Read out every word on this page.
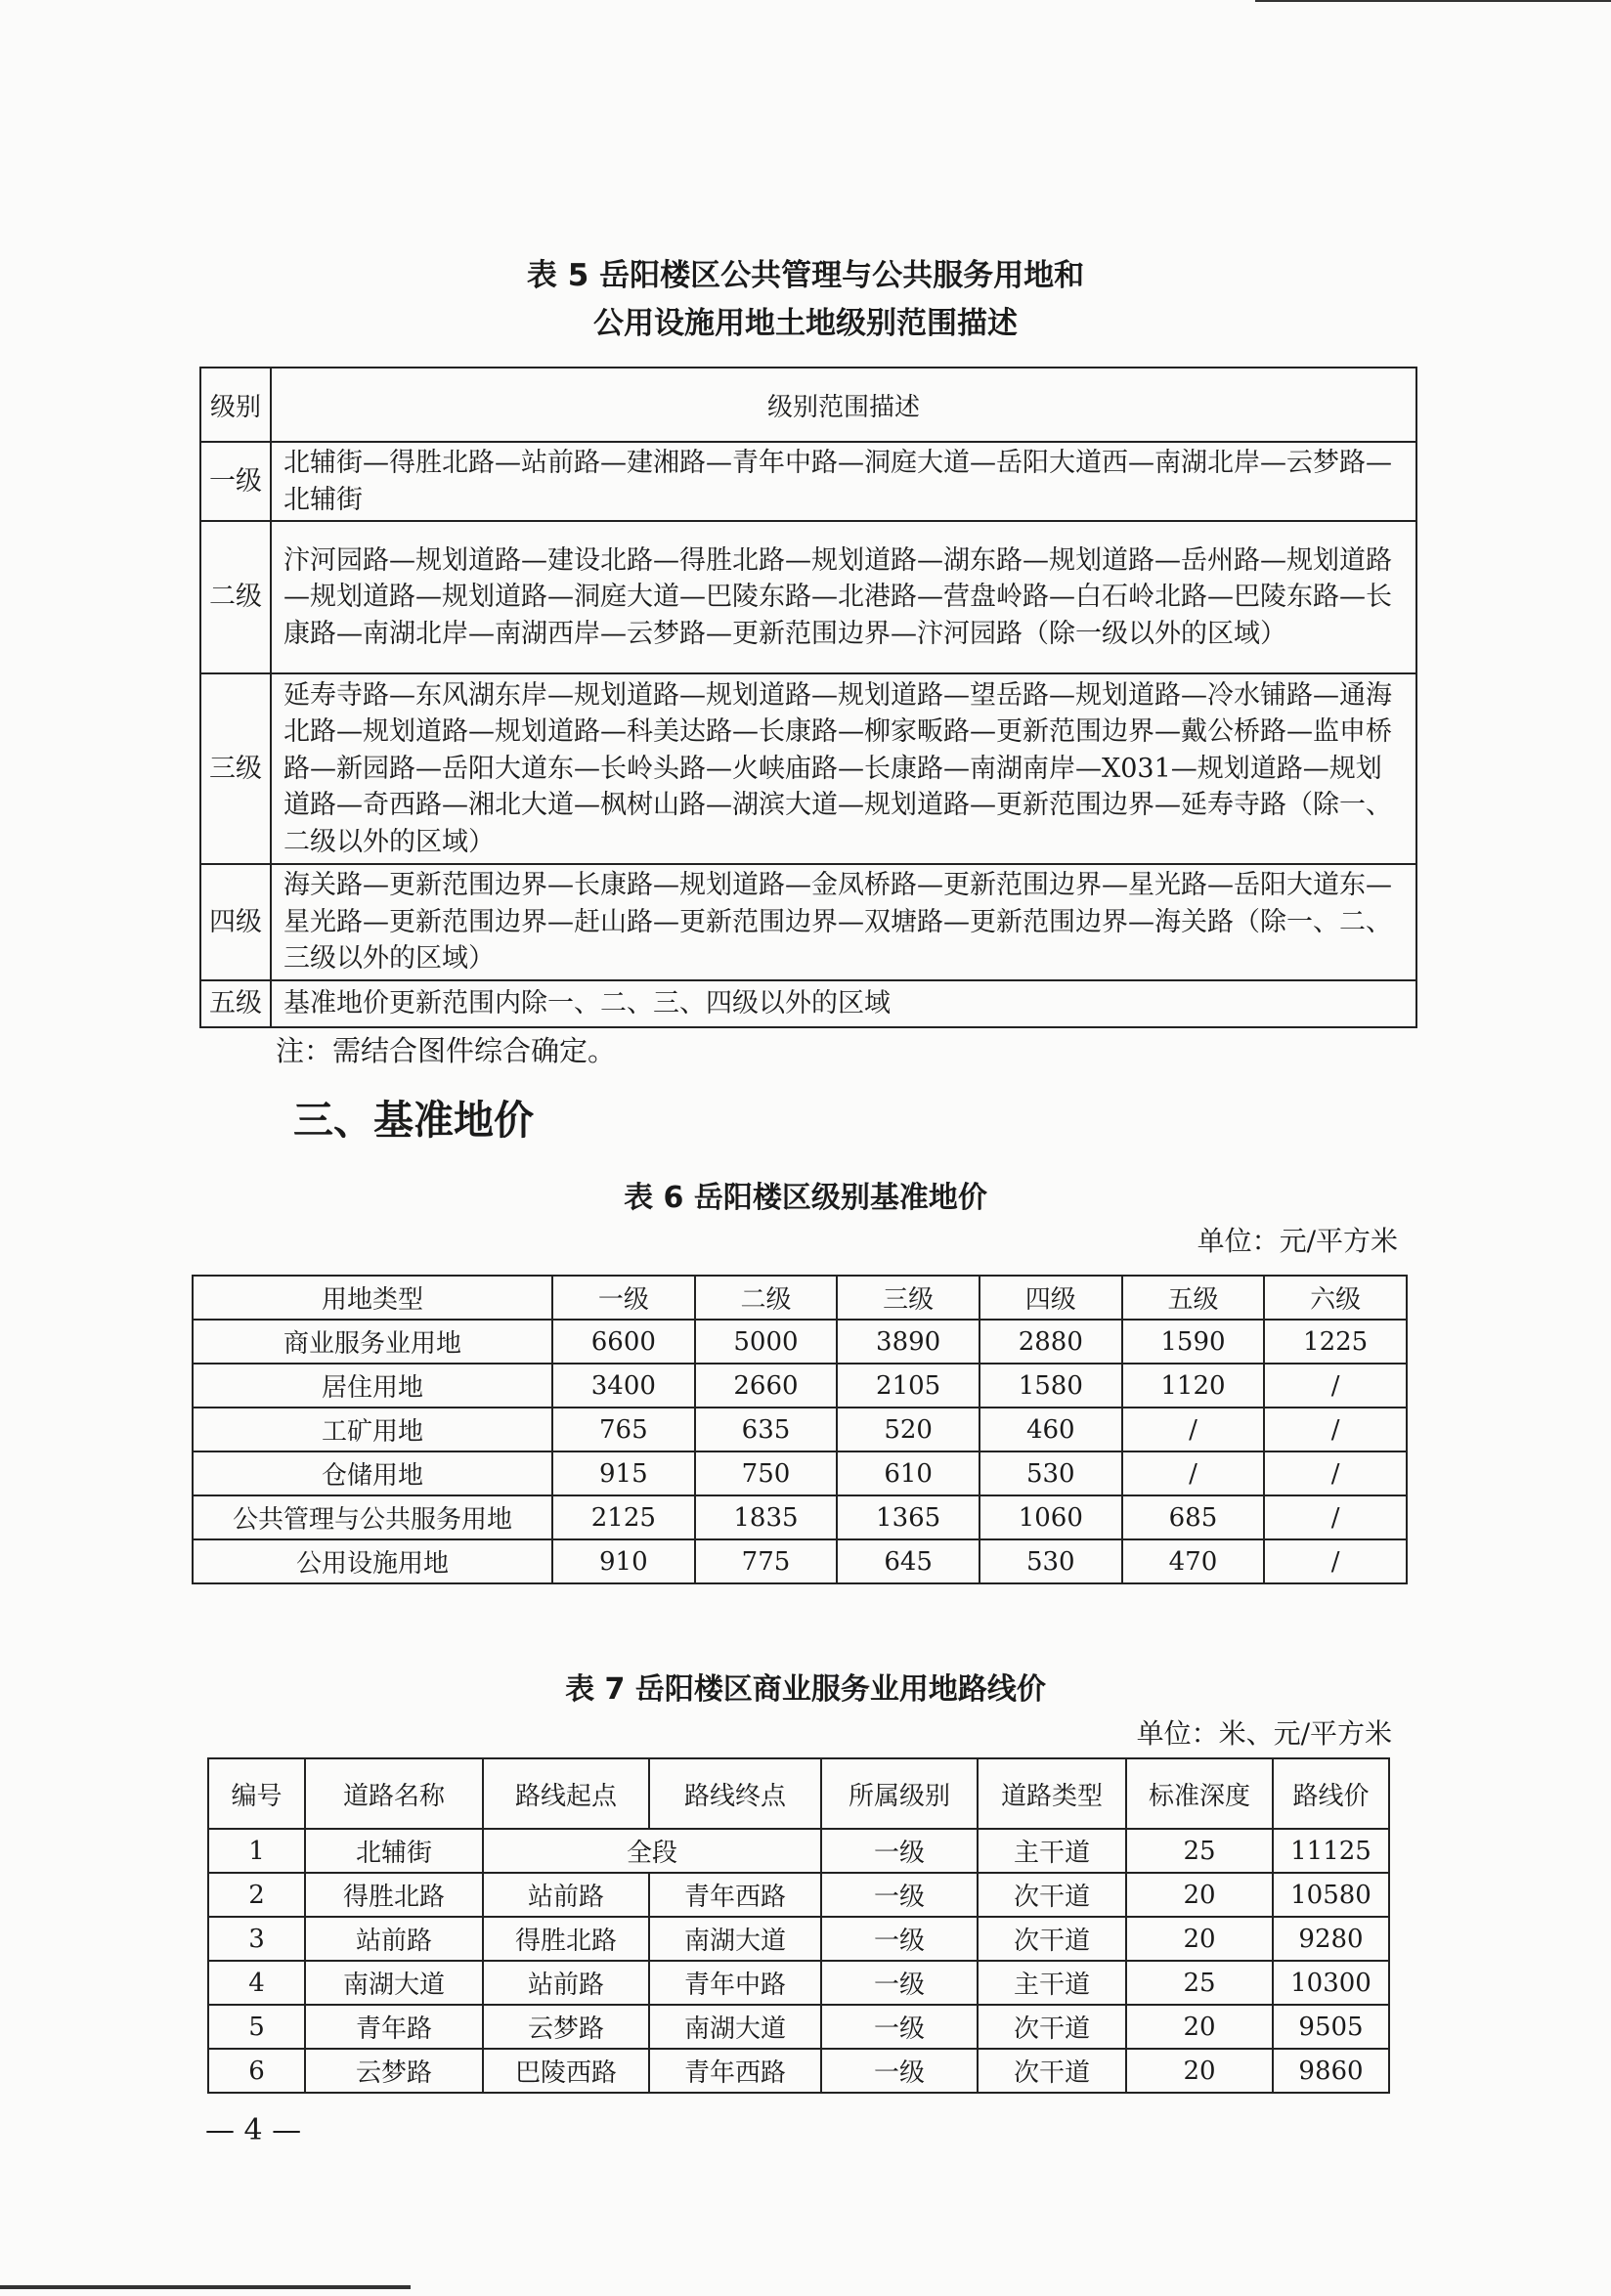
表 5 岳阳楼区公共管理与公共服务用地和
公用设施用地土地级别范围描述
级别	级别范围描述
一级	北辅街—得胜北路—站前路—建湘路—青年中路—洞庭大道—岳阳大道西—南湖北岸—云梦路—北辅街
二级	汴河园路—规划道路—建设北路—得胜北路—规划道路—湖东路—规划道路—岳州路—规划道路—规划道路—规划道路—洞庭大道—巴陵东路—北港路—营盘岭路—白石岭北路—巴陵东路—长康路—南湖北岸—南湖西岸—云梦路—更新范围边界—汴河园路（除一级以外的区域）
三级	延寿寺路—东风湖东岸—规划道路—规划道路—规划道路—望岳路—规划道路—冷水铺路—通海北路—规划道路—规划道路—科美达路—长康路—柳家畈路—更新范围边界—戴公桥路—监申桥路—新园路—岳阳大道东—长岭头路—火峡庙路—长康路—南湖南岸—X031—规划道路—规划道路—奇西路—湘北大道—枫树山路—湖滨大道—规划道路—更新范围边界—延寿寺路（除一、二级以外的区域）
四级	海关路—更新范围边界—长康路—规划道路—金凤桥路—更新范围边界—星光路—岳阳大道东—星光路—更新范围边界—赶山路—更新范围边界—双塘路—更新范围边界—海关路（除一、二、三级以外的区域）
五级	基准地价更新范围内除一、二、三、四级以外的区域
注：需结合图件综合确定。
三、基准地价
表 6 岳阳楼区级别基准地价
单位：元/平方米
用地类型	一级	二级	三级	四级	五级	六级
商业服务业用地	6600	5000	3890	2880	1590	1225
居住用地	3400	2660	2105	1580	1120	/
工矿用地	765	635	520	460	/	/
仓储用地	915	750	610	530	/	/
公共管理与公共服务用地	2125	1835	1365	1060	685	/
公用设施用地	910	775	645	530	470	/
表 7 岳阳楼区商业服务业用地路线价
单位：米、元/平方米
编号	道路名称	路线起点	路线终点	所属级别	道路类型	标准深度	路线价
1	北辅街	全段		一级	主干道	25	11125
2	得胜北路	站前路	青年西路	一级	次干道	20	10580
3	站前路	得胜北路	南湖大道	一级	次干道	20	9280
4	南湖大道	站前路	青年中路	一级	主干道	25	10300
5	青年路	云梦路	南湖大道	一级	次干道	20	9505
6	云梦路	巴陵西路	青年西路	一级	次干道	20	9860
— 4 —
